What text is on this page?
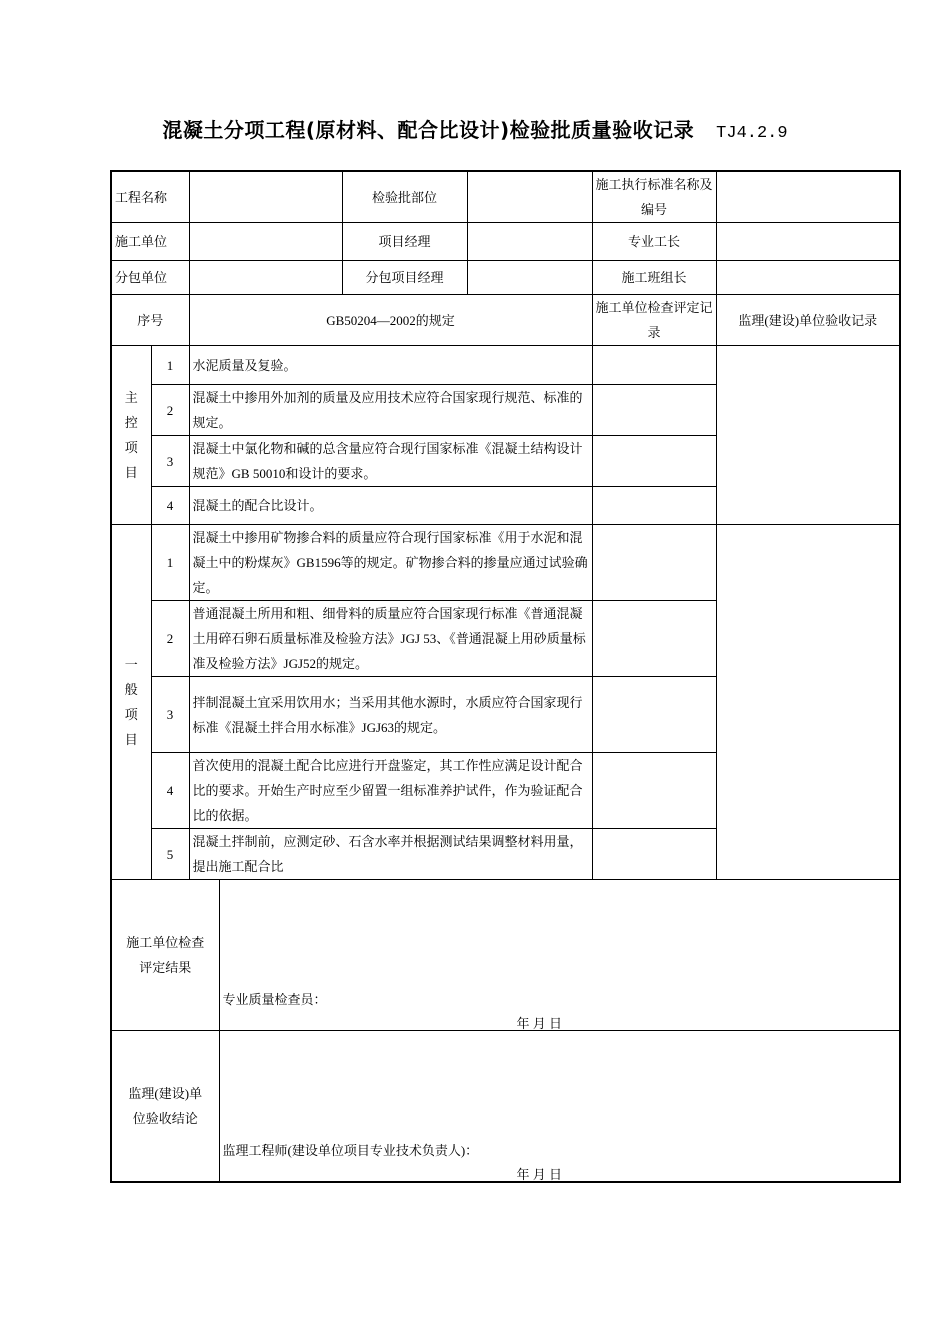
混凝土分项工程(原材料、配合比设计)检验批质量验收记录 TJ4.2.9
工程名称				检验批部位		施工执行标准名称及编号	
施工单位				项目经理		专业工长	
分包单位				分包项目经理		施工班组长	
序号		GB50204—2002的规定				施工单位检查评定记录	监理(建设)单位验收记录
主控项目	1	水泥质量及复验。					
	2	混凝土中掺用外加剂的质量及应用技术应符合国家现行规范、标准的规定。					
	3	混凝土中氯化物和碱的总含量应符合现行国家标准《混凝土结构设计规范》GB 50010和设计的要求。					
	4	混凝土的配合比设计。					
一般项目	1	混凝土中掺用矿物掺合料的质量应符合现行国家标准《用于水泥和混凝土中的粉煤灰》GB1596等的规定。矿物掺合料的掺量应通过试验确定。					
	2	普通混凝土所用和粗、细骨料的质量应符合国家现行标准《普通混凝土用碎石卵石质量标准及检验方法》JGJ 53、《普通混凝上用砂质量标准及检验方法》JGJ52的规定。					
	3	拌制混凝土宜采用饮用水；当采用其他水源时，水质应符合国家现行标准《混凝土拌合用水标准》JGJ63的规定。					
	4	首次使用的混凝土配合比应进行开盘鉴定，其工作性应满足设计配合比的要求。开始生产时应至少留置一组标准养护试件，作为验证配合比的依据。					
	5	混凝土拌制前，应测定砂、石含水率并根据测试结果调整材料用量，提出施工配合比					
施工单位检查评定结果			专业质量检查员：
年 月 日				

监理(建设)单位验收结论			监理工程师(建设单位项目专业技术负责人)：
年 月 日				
